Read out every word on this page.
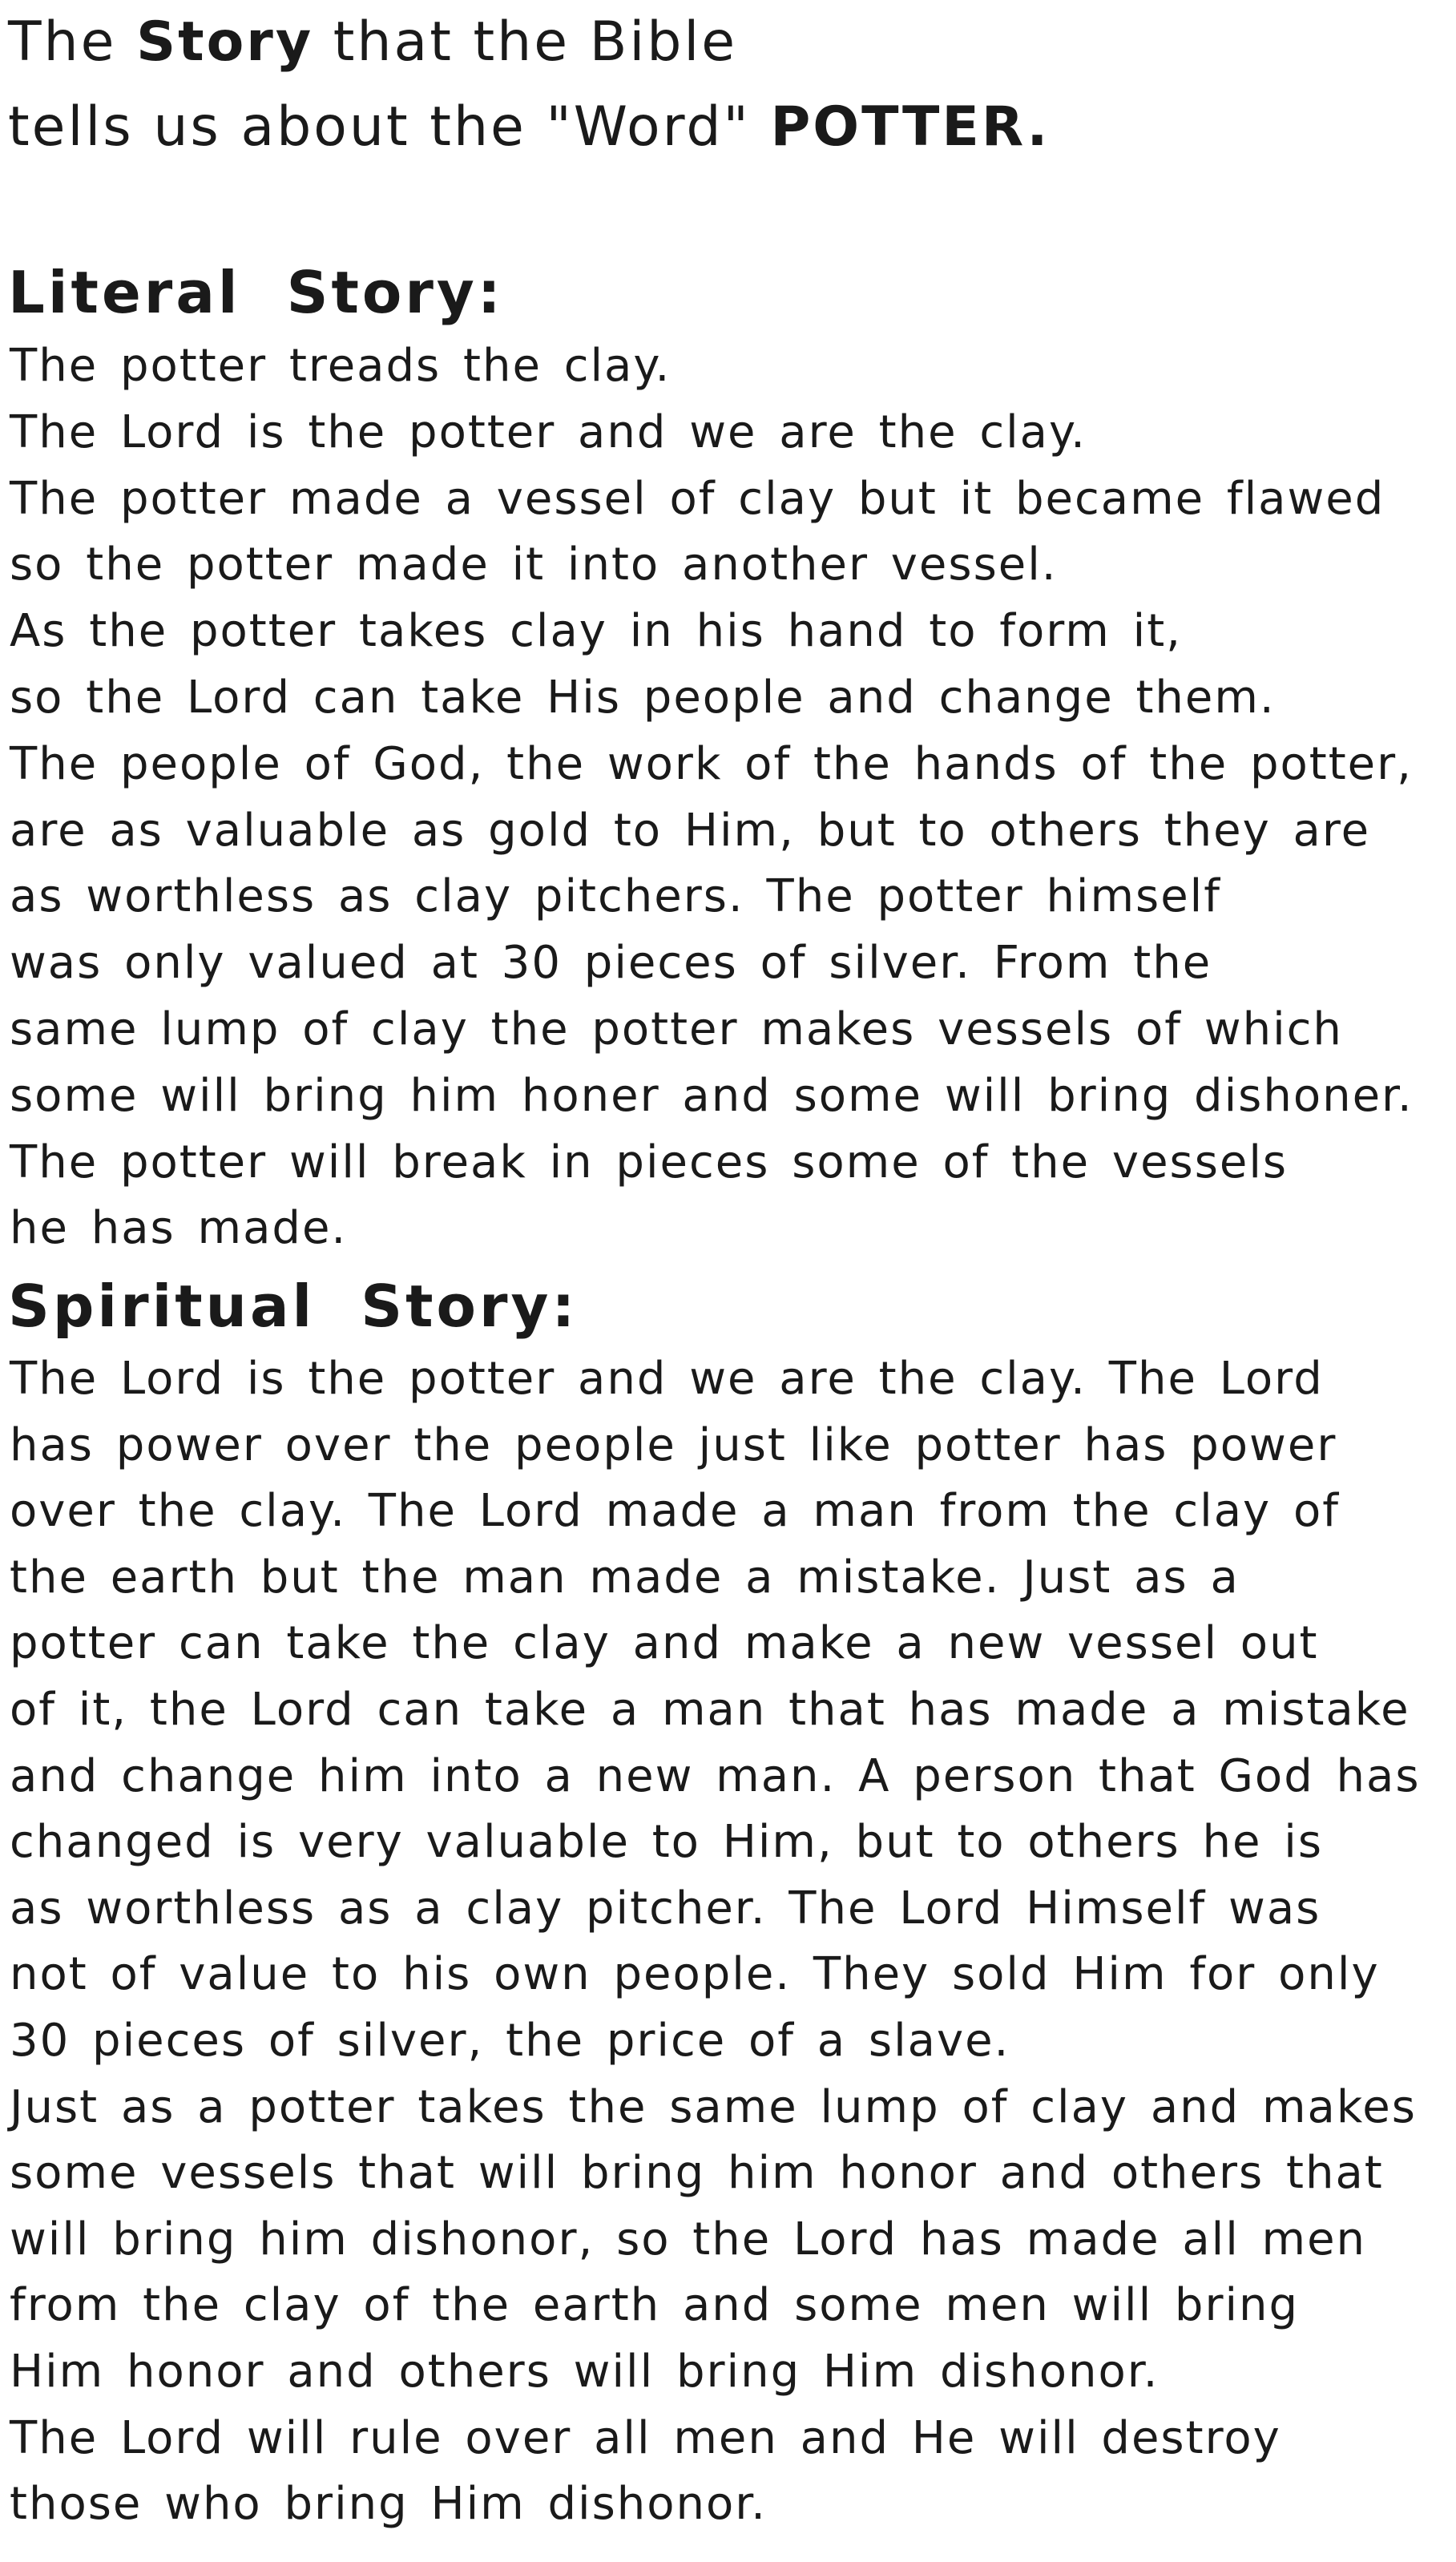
The Story that the Bible
tells us about the "Word" POTTER.
Literal Story:
The potter treads the clay.
The Lord is the potter and we are the clay.
The potter made a vessel of clay but it became flawed
so the potter made it into another vessel.
As the potter takes clay in his hand to form it,
so the Lord can take His people and change them.
The people of God, the work of the hands of the potter,
are as valuable as gold to Him, but to others they are
as worthless as clay pitchers. The potter himself
was only valued at 30 pieces of silver. From the
same lump of clay the potter makes vessels of which
some will bring him honer and some will bring dishoner.
The potter will break in pieces some of the vessels
he has made.
Spiritual Story:
The Lord is the potter and we are the clay. The Lord
has power over the people just like potter has power
over the clay. The Lord made a man from the clay of
the earth but the man made a mistake. Just as a
potter can take the clay and make a new vessel out
of it, the Lord can take a man that has made a mistake
and change him into a new man. A person that God has
changed is very valuable to Him, but to others he is
as worthless as a clay pitcher. The Lord Himself was
not of value to his own people. They sold Him for only
30 pieces of silver, the price of a slave.
Just as a potter takes the same lump of clay and makes
some vessels that will bring him honor and others that
will bring him dishonor, so the Lord has made all men
from the clay of the earth and some men will bring
Him honor and others will bring Him dishonor.
The Lord will rule over all men and He will destroy
those who bring Him dishonor.
